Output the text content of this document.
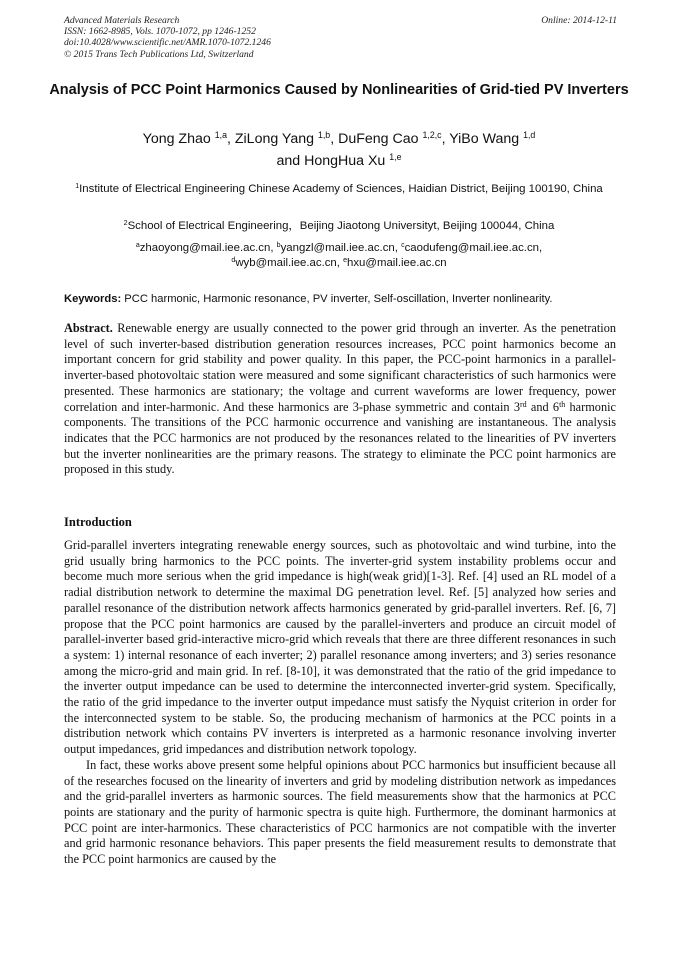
Advanced Materials Research
ISSN: 1662-8985, Vols. 1070-1072, pp 1246-1252
doi:10.4028/www.scientific.net/AMR.1070-1072.1246
© 2015 Trans Tech Publications Ltd, Switzerland
Online: 2014-12-11
Analysis of PCC Point Harmonics Caused by Nonlinearities of Grid-tied PV Inverters
Yong Zhao $^{1,a}$, ZiLong Yang $^{1,b}$, DuFeng Cao $^{1,2,c}$, YiBo Wang $^{1,d}$
and HongHua Xu $^{1,e}$
$^1$Institute of Electrical Engineering Chinese Academy of Sciences, Haidian District, Beijing 100190, China
$^2$School of Electrical Engineering，Beijing Jiaotong Universityt, Beijing 100044, China
$^a$zhaoyong@mail.iee.ac.cn, $^b$yangzl@mail.iee.ac.cn, $^c$caodufeng@mail.iee.ac.cn,
$^d$wyb@mail.iee.ac.cn, $^e$hxu@mail.iee.ac.cn
Keywords: PCC harmonic, Harmonic resonance, PV inverter, Self-oscillation, Inverter nonlinearity.
Abstract. Renewable energy are usually connected to the power grid through an inverter. As the penetration level of such inverter-based distribution generation resources increases, PCC point harmonics become an important concern for grid stability and power quality. In this paper, the PCC-point harmonics in a parallel-inverter-based photovoltaic station were measured and some significant characteristics of such harmonics were presented. These harmonics are stationary; the voltage and current waveforms are lower frequency, power correlation and inter-harmonic. And these harmonics are 3-phase symmetric and contain 3rd and 6th harmonic components. The transitions of the PCC harmonic occurrence and vanishing are instantaneous. The analysis indicates that the PCC harmonics are not produced by the resonances related to the linearities of PV inverters but the inverter nonlinearities are the primary reasons. The strategy to eliminate the PCC point harmonics are proposed in this study.
Introduction

Grid-parallel inverters integrating renewable energy sources, such as photovoltaic and wind turbine, into the grid usually bring harmonics to the PCC points. The inverter-grid system instability problems occur and become much more serious when the grid impedance is high(weak grid)[1-3]. Ref. [4] used an RL model of a radial distribution network to determine the maximal DG penetration level. Ref. [5] analyzed how series and parallel resonance of the distribution network affects harmonics generated by grid-parallel inverters. Ref. [6, 7] propose that the PCC point harmonics are caused by the parallel-inverters and produce an circuit model of parallel-inverter based grid-interactive micro-grid which reveals that there are three different resonances in such a system: 1) internal resonance of each inverter; 2) parallel resonance among inverters; and 3) series resonance among the micro-grid and main grid. In ref. [8-10], it was demonstrated that the ratio of the grid impedance to the inverter output impedance can be used to determine the interconnected inverter-grid system. Specifically, the ratio of the grid impedance to the inverter output impedance must satisfy the Nyquist criterion in order for the interconnected system to be stable. So, the producing mechanism of harmonics at the PCC points in a distribution network which contains PV inverters is interpreted as a harmonic resonance involving inverter output impedances, grid impedances and distribution network topology.

In fact, these works above present some helpful opinions about PCC harmonics but insufficient because all of the researches focused on the linearity of inverters and grid by modeling distribution network as impedances and the grid-parallel inverters as harmonic sources. The field measurements show that the harmonics at PCC points are stationary and the purity of harmonic spectra is quite high. Furthermore, the dominant harmonics at PCC point are inter-harmonics. These characteristics of PCC harmonics are not compatible with the inverter and grid harmonic resonance behaviors. This paper presents the field measurement results to demonstrate that the PCC point harmonics are caused by the
